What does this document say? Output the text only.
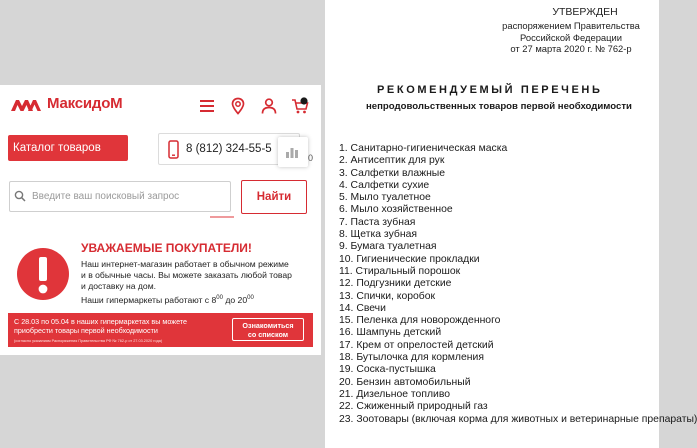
МаксидоМ
Каталог товаров	8 (812) 324-55-5
0
Введите ваш поисковый запрос
Найти
УВАЖАЕМЫЕ ПОКУПАТЕЛИ!
Наш интернет-магазин работает в обычном режиме
и в обычные часы. Вы можете заказать любой товар
и доставку на дом.
Наши гипермаркеты работают с $8^{00}$ до $20^{00}$
С 28.03 по 05.04 в наших гипермаркетах вы можете
приобрести товары первой необходимости
(согласно указаниям Распоряжения Правительства РФ № 762-р от 27.03.2020 года)
Ознакомиться
со списком
УТВЕРЖДЕН
распоряжением Правительства
Российской Федерации
от 27 марта 2020 г. № 762-р
РЕКОМЕНДУЕМЫЙ ПЕРЕЧЕНЬ
непродовольственных товаров первой необходимости
1. Санитарно-гигиеническая маска
2. Антисептик для рук
3. Салфетки влажные
4. Салфетки сухие
5. Мыло туалетное
6. Мыло хозяйственное
7. Паста зубная
8. Щетка зубная
9. Бумага туалетная
10. Гигиенические прокладки
11. Стиральный порошок
12. Подгузники детские
13. Спички, коробок
14. Свечи
15. Пеленка для новорожденного
16. Шампунь детский
17. Крем от опрелостей детский
18. Бутылочка для кормления
19. Соска-пустышка
20. Бензин автомобильный
21. Дизельное топливо
22. Сжиженный природный газ
23. Зоотовары (включая корма для животных и ветеринарные препараты)
